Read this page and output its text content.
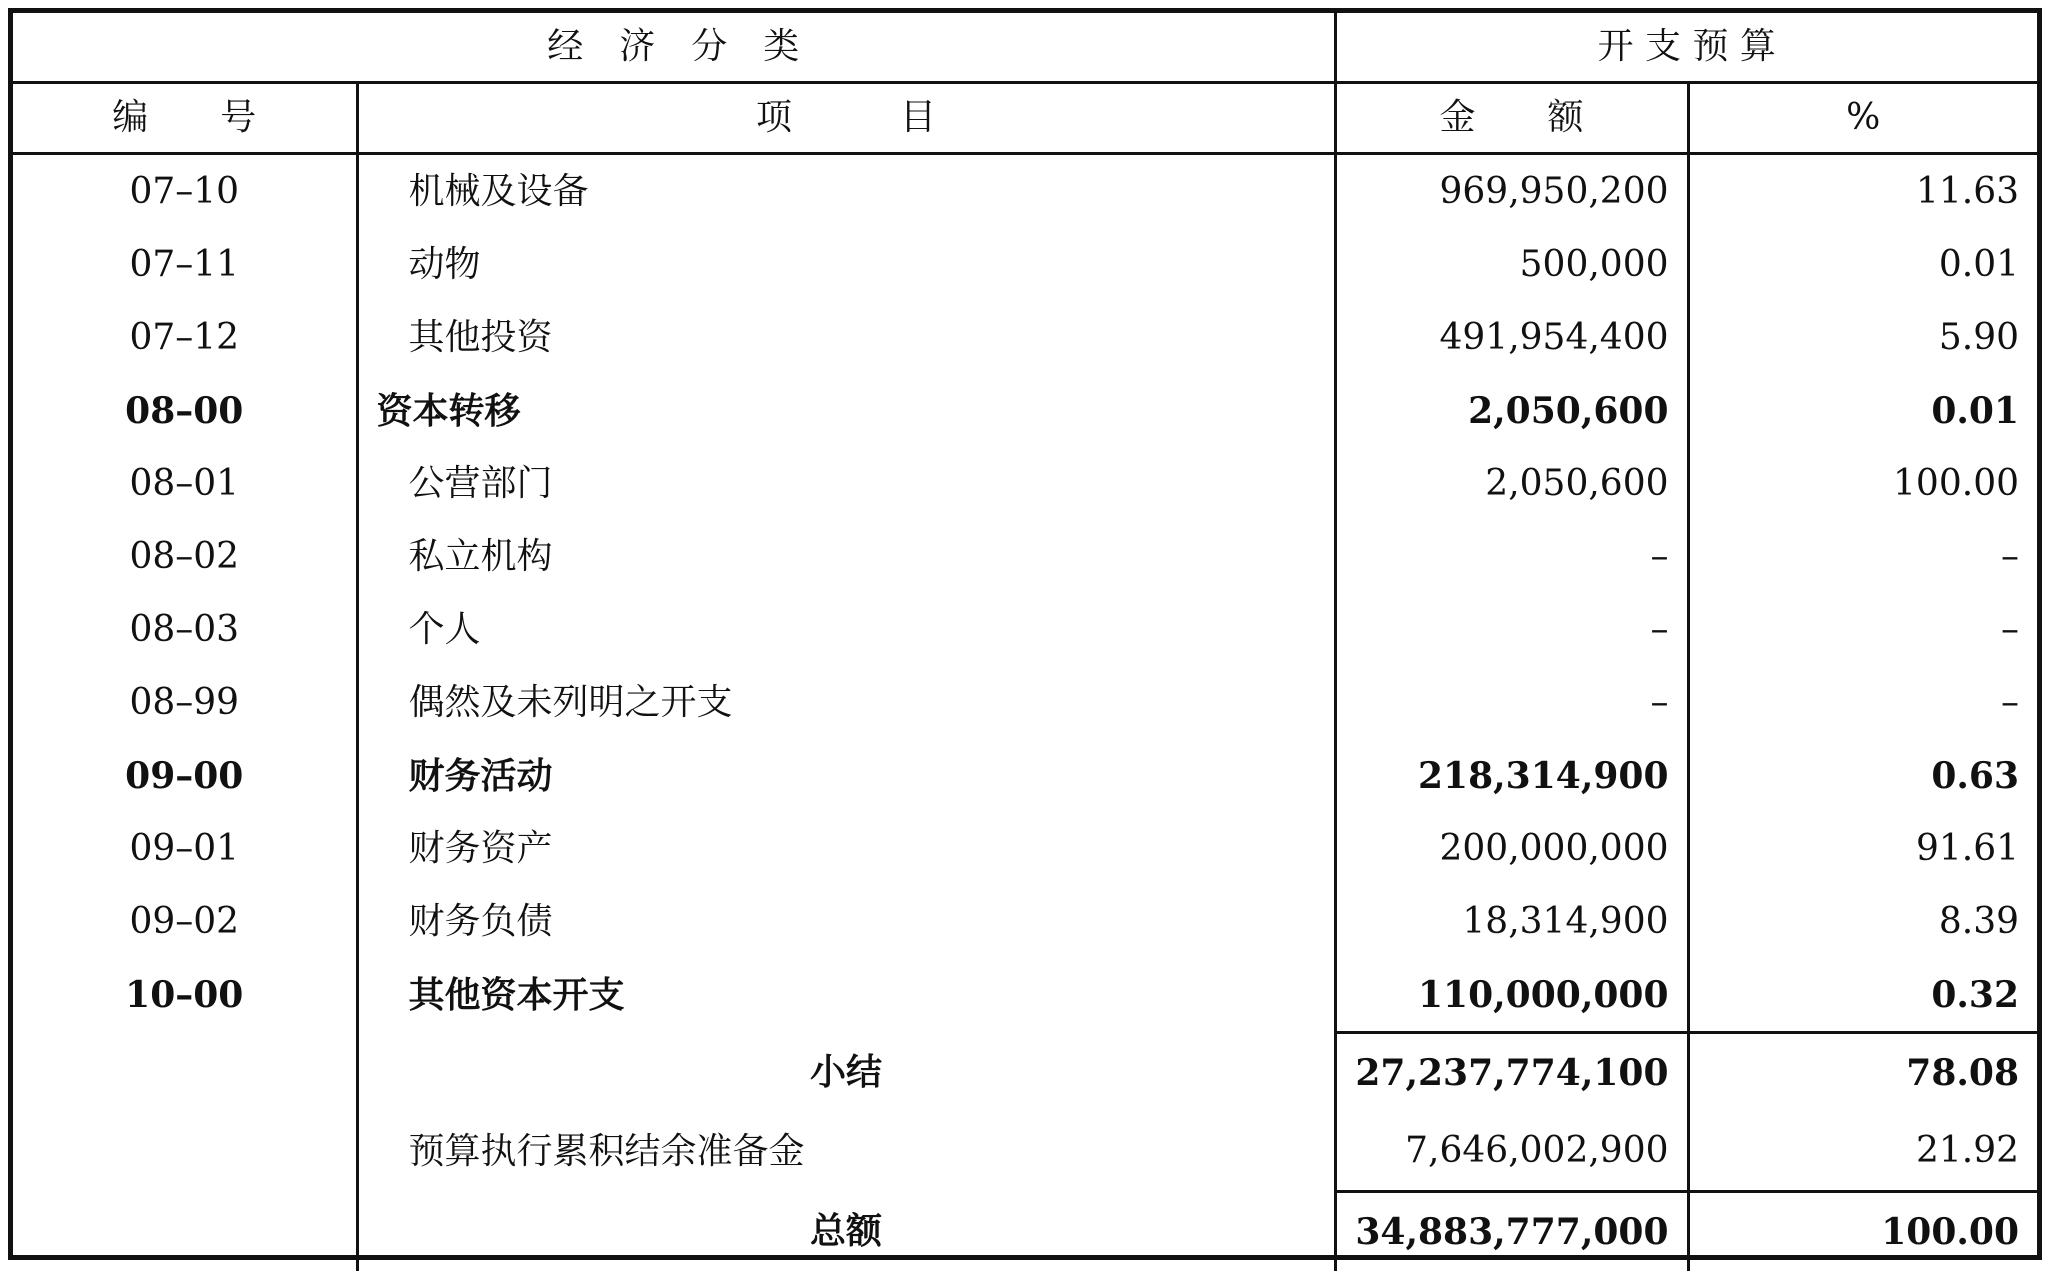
经　济　分　类		开 支 预 算	
编　　号	项　　　目	金　　额	%
07–10	机械及设备	969,950,200	11.63
07–11	动物	500,000	0.01
07–12	其他投资	491,954,400	5.90
08–00	资本转移	2,050,600	0.01
08–01	公营部门	2,050,600	100.00
08–02	私立机构	–	–
08–03	个人	–	–
08–99	偶然及未列明之开支	–	–
09–00	财务活动	218,314,900	0.63
09–01	财务资产	200,000,000	91.61
09–02	财务负债	18,314,900	8.39
10–00	其他资本开支	110,000,000	0.32
	小结	27,237,774,100	78.08
	预算执行累积结余准备金	7,646,002,900	21.92
	总额	34,883,777,000	100.00
